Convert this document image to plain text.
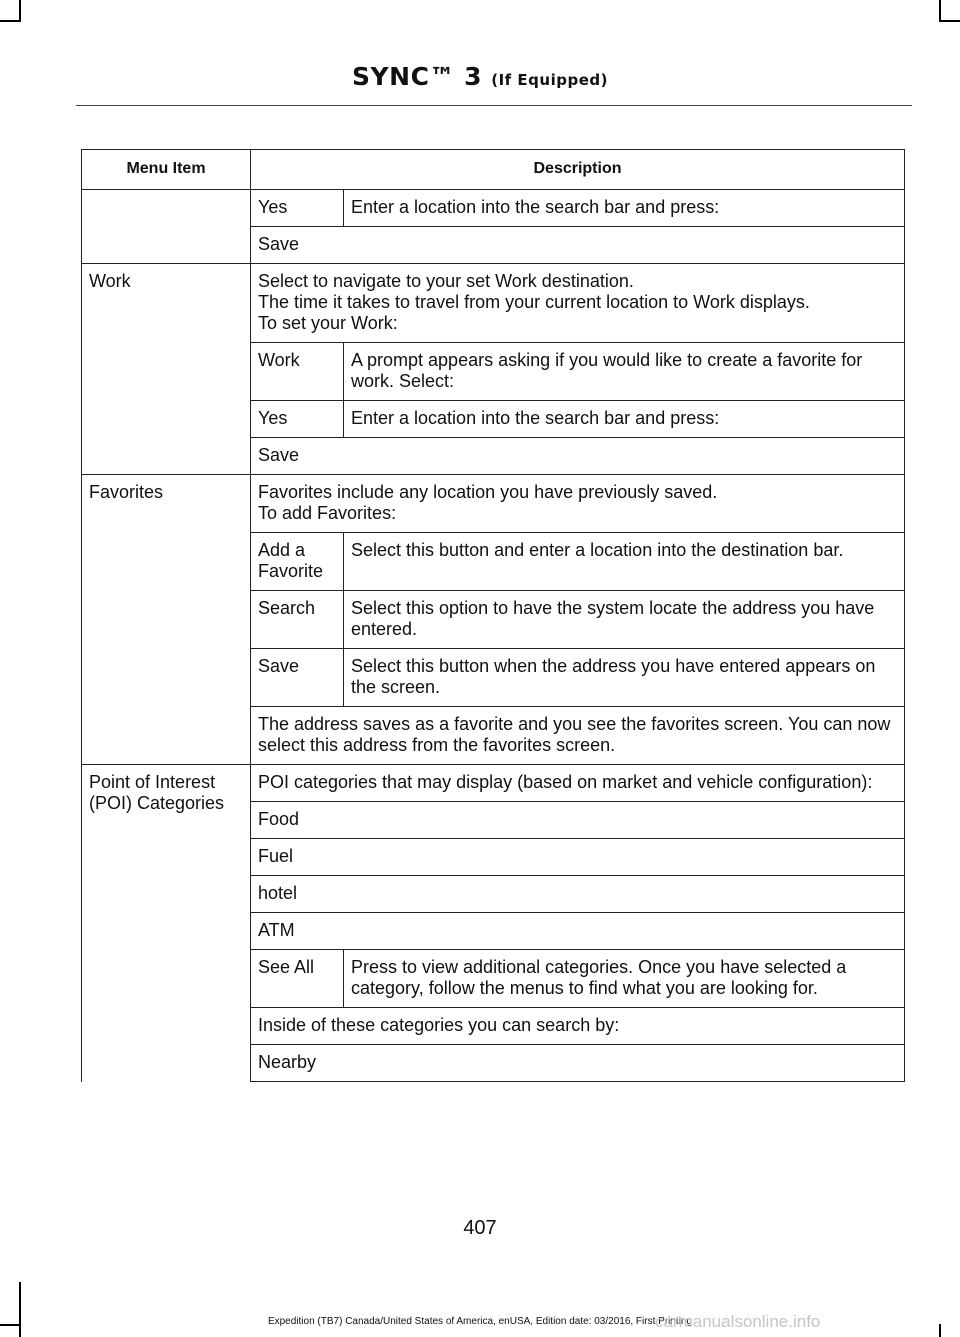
SYNC™ 3 (If Equipped)
Menu Item	Description	
	Yes	Enter a location into the search bar and press:
	Save	
Work	Select to navigate to your set Work destination.
The time it takes to travel from your current location to Work displays.
To set your Work:	

	Work	A prompt appears asking if you would like to create a favorite for work. Select:
	Yes	Enter a location into the search bar and press:
	Save	
Favorites	Favorites include any location you have previously saved.
To add Favorites:	

	Add a Favorite	Select this button and enter a location into the destination bar.
	Search	Select this option to have the system locate the address you have entered.
	Save	Select this button when the address you have entered appears on the screen.
	The address saves as a favorite and you see the favorites screen. You can now select this address from the favorites screen.	
Point of Interest (POI) Categories	POI categories that may display (based on market and vehicle configuration):	
	Food	
	Fuel	
	hotel	
	ATM	
	See All	Press to view additional categories. Once you have selected a category, follow the menus to find what you are looking for.
	Inside of these categories you can search by:	
	Nearby	
407
Expedition (TB7) Canada/United States of America, enUSA, Edition date: 03/2016, First Printing
carmanualsonline.info
